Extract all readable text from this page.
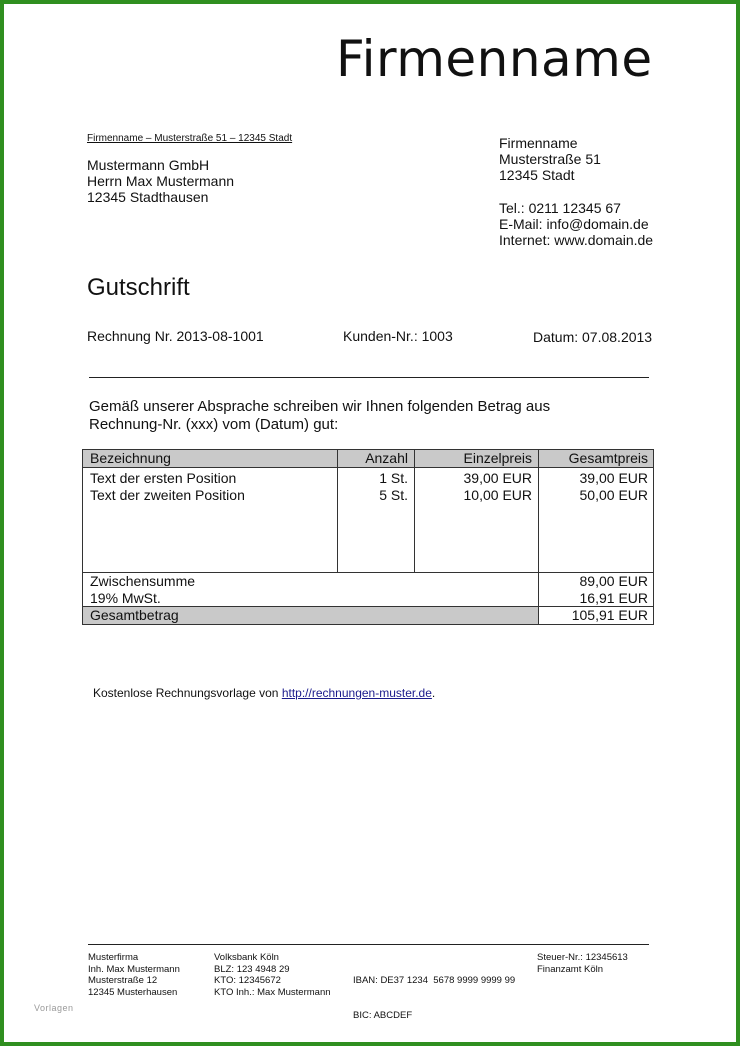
Firmenname
Firmenname – Musterstraße 51 – 12345 Stadt
Mustermann GmbH
Herrn Max Mustermann
12345 Stadthausen
Firmenname
Musterstraße 51
12345 Stadt
Tel.: 0211 12345 67
E-Mail: info@domain.de
Internet: www.domain.de
Gutschrift
Rechnung Nr. 2013-08-1001	Kunden-Nr.: 1003	Datum: 07.08.2013
Gemäß unserer Absprache schreiben wir Ihnen folgenden Betrag aus
Rechnung-Nr. (xxx) vom (Datum) gut:
Bezeichnung	Anzahl	Einzelpreis	Gesamtpreis
Text der ersten Position	1 St.	39,00 EUR	39,00 EUR
Text der zweiten Position	5 St.	10,00 EUR	50,00 EUR
Zwischensumme	89,00 EUR
19% MwSt.	16,91 EUR
Gesamtbetrag	105,91 EUR
Kostenlose Rechnungsvorlage von http://rechnungen-muster.de.
Musterfirma
Inh. Max Mustermann
Musterstraße 12
12345 Musterhausen
Volksbank Köln
BLZ: 123 4948 29
KTO: 12345672
KTO Inh.: Max Mustermann

IBAN: DE37 1234  5678 9999 9999 99

BIC: ABCDEF

Steuer-Nr.: 12345613
Finanzamt Köln
Vorlagen
